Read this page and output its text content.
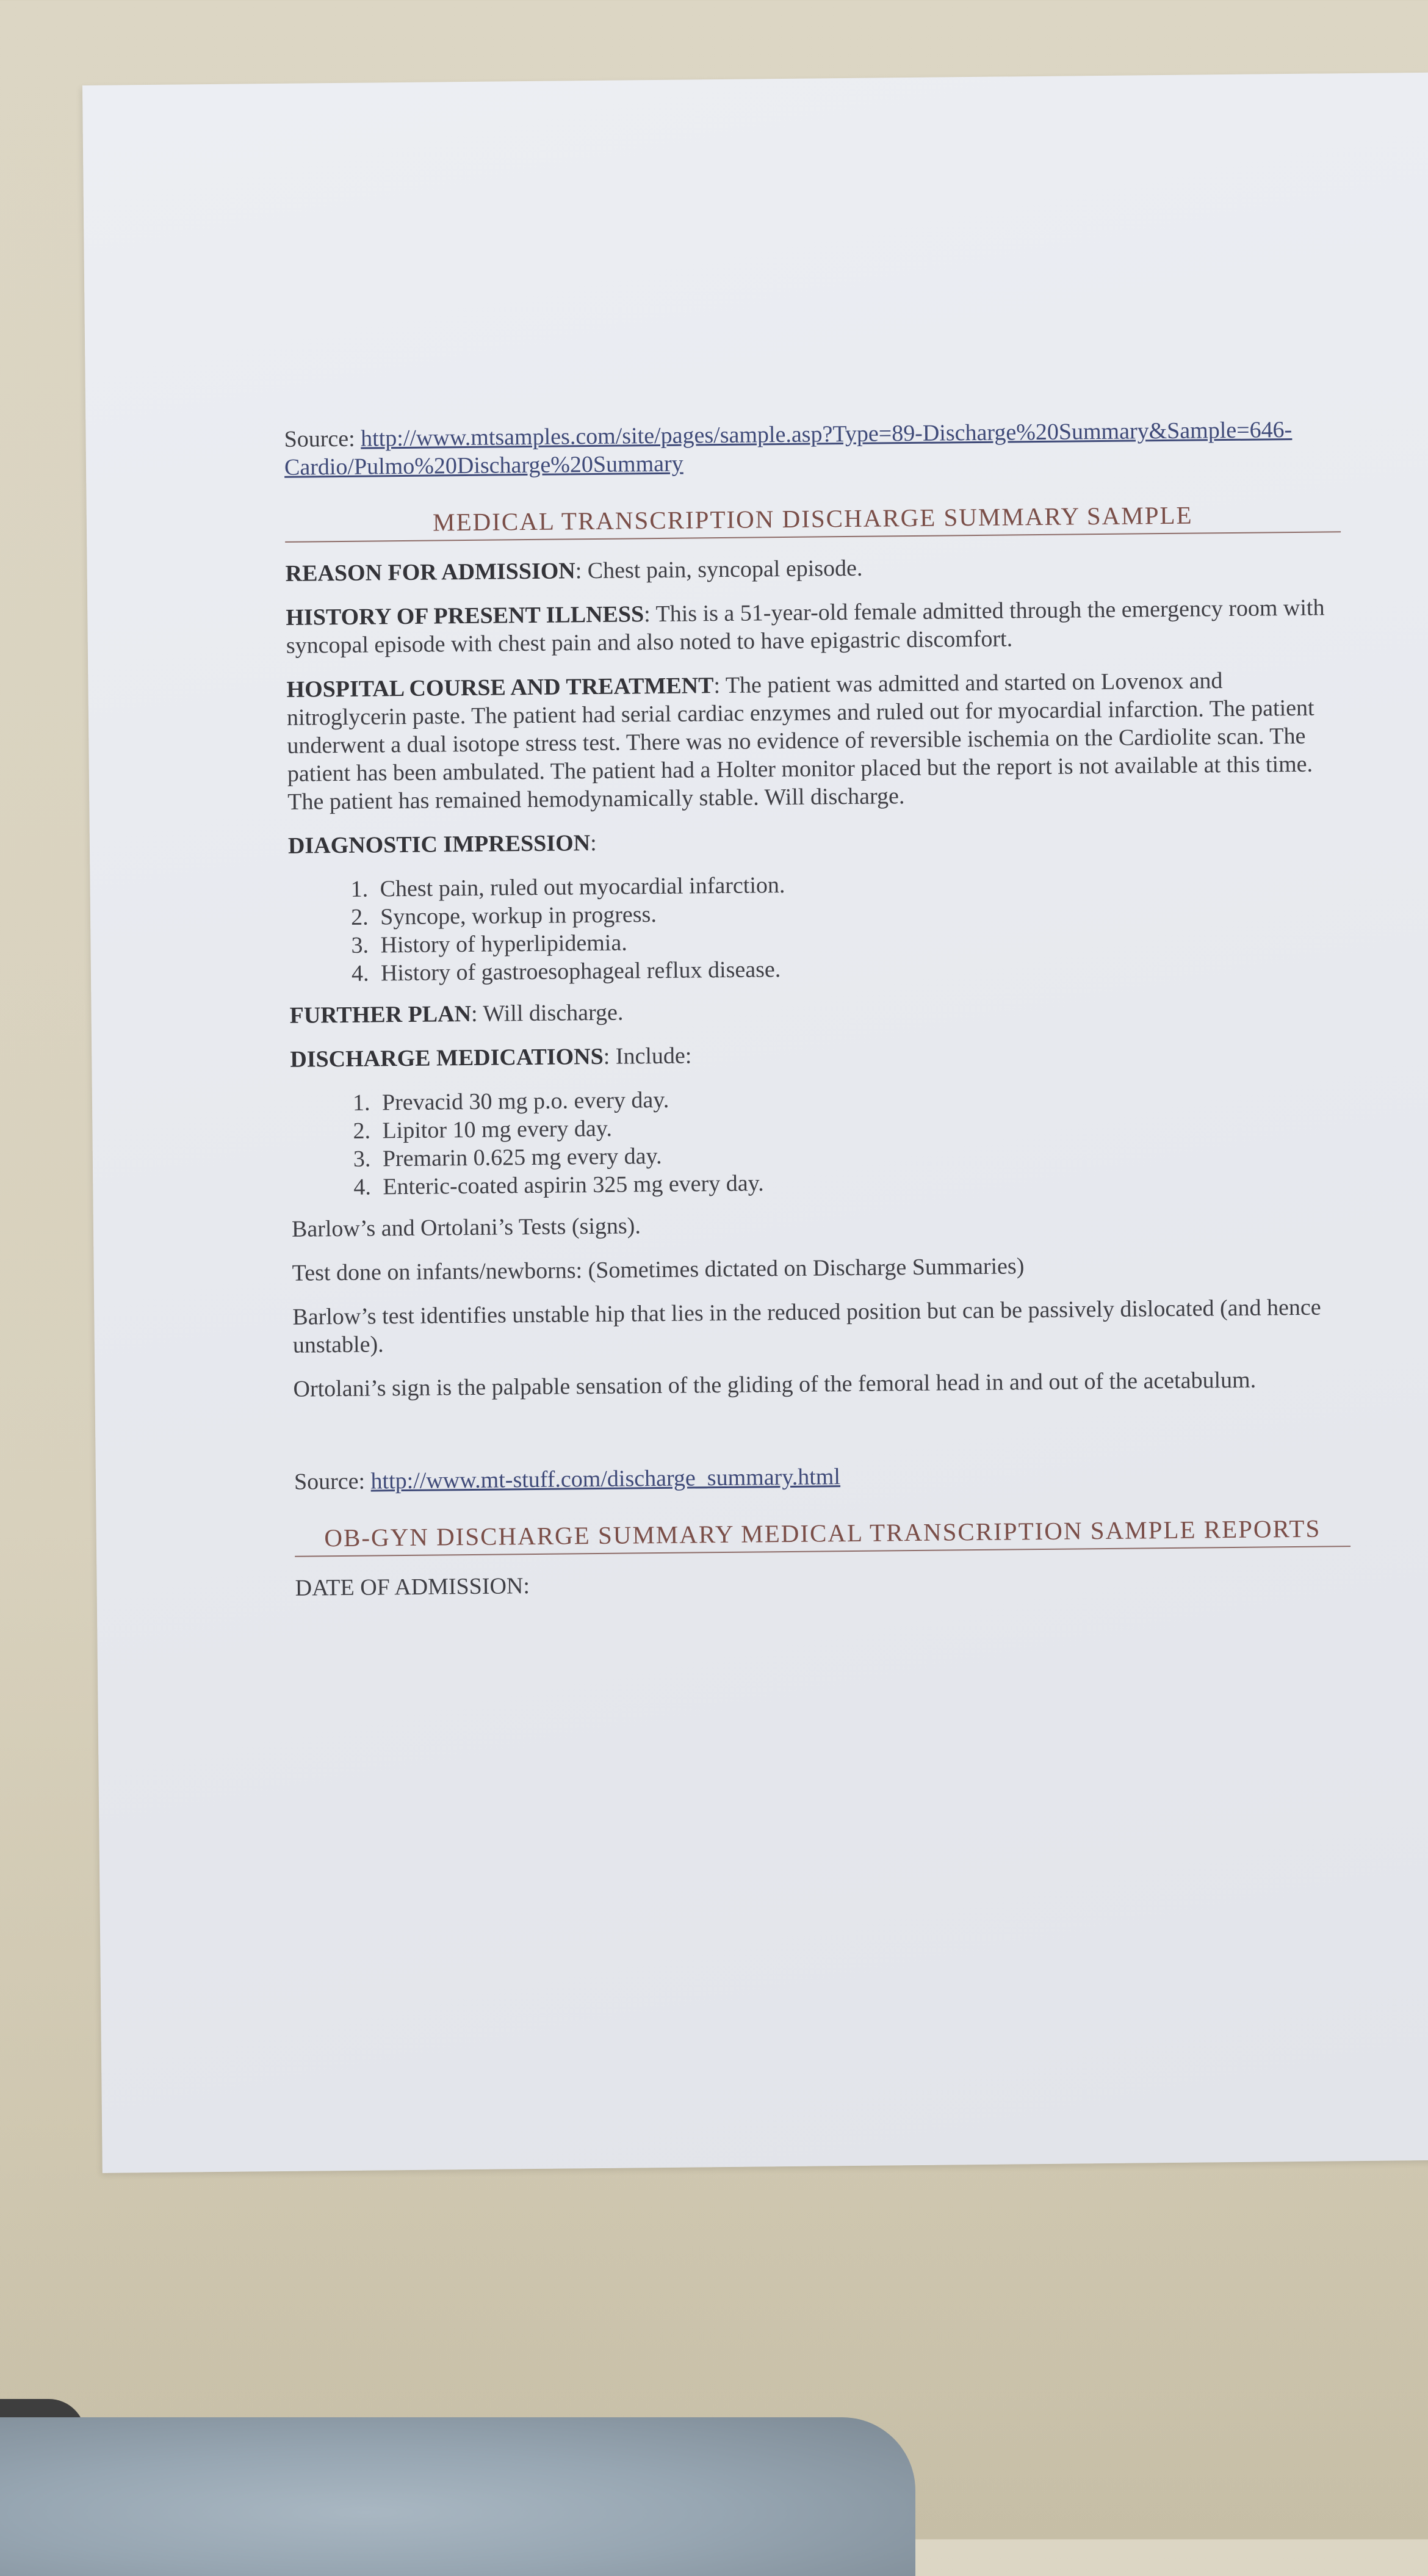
Source: http://www.mtsamples.com/site/pages/sample.asp?Type=89-Discharge%20Summary&Sample=646-Cardio/Pulmo%20Discharge%20Summary

MEDICAL TRANSCRIPTION DISCHARGE SUMMARY SAMPLE

REASON FOR ADMISSION: Chest pain, syncopal episode.

HISTORY OF PRESENT ILLNESS: This is a 51-year-old female admitted through the emergency room with syncopal episode with chest pain and also noted to have epigastric discomfort.

HOSPITAL COURSE AND TREATMENT: The patient was admitted and started on Lovenox and nitroglycerin paste. The patient had serial cardiac enzymes and ruled out for myocardial infarction. The patient underwent a dual isotope stress test. There was no evidence of reversible ischemia on the Cardiolite scan. The patient has been ambulated. The patient had a Holter monitor placed but the report is not available at this time. The patient has remained hemodynamically stable. Will discharge.

DIAGNOSTIC IMPRESSION:

1. Chest pain, ruled out myocardial infarction.
2. Syncope, workup in progress.
3. History of hyperlipidemia.
4. History of gastroesophageal reflux disease.

FURTHER PLAN: Will discharge.

DISCHARGE MEDICATIONS: Include:

1. Prevacid 30 mg p.o. every day.
2. Lipitor 10 mg every day.
3. Premarin 0.625 mg every day.
4. Enteric-coated aspirin 325 mg every day.

Barlow’s and Ortolani’s Tests (signs).

Test done on infants/newborns: (Sometimes dictated on Discharge Summaries)

Barlow’s test identifies unstable hip that lies in the reduced position but can be passively dislocated (and hence unstable).

Ortolani’s sign is the palpable sensation of the gliding of the femoral head in and out of the acetabulum.

Source: http://www.mt-stuff.com/discharge_summary.html

OB-GYN DISCHARGE SUMMARY MEDICAL TRANSCRIPTION SAMPLE REPORTS

DATE OF ADMISSION:
